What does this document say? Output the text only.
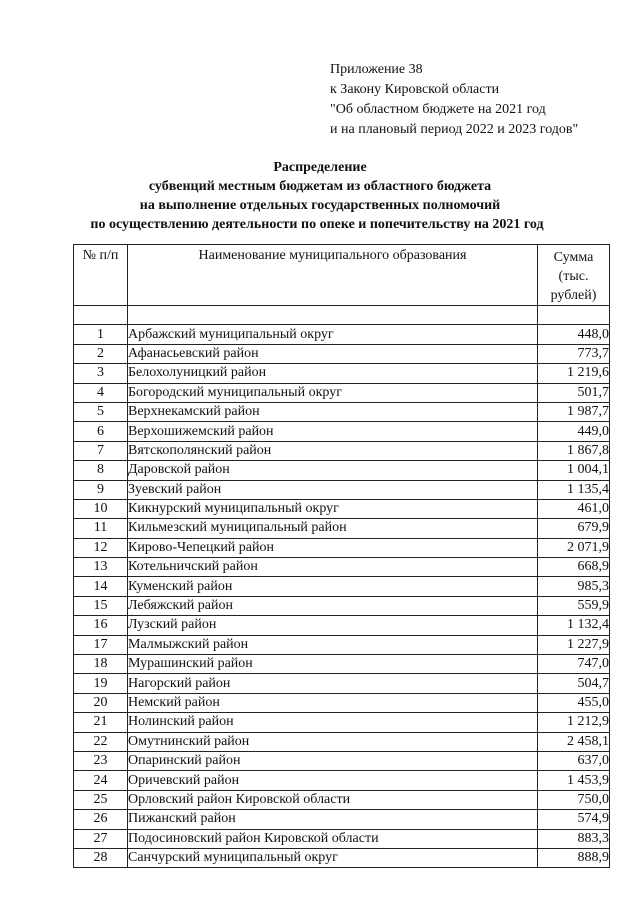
Приложение 38
к Закону Кировской области
"Об областном бюджете на 2021 год
и на плановый период 2022 и 2023 годов"
Распределение
субвенций местным бюджетам из областного бюджета
на выполнение отдельных государственных полномочий
по осуществлению деятельности по опеке и попечительству на 2021 год
№ п/п	Наименование муниципального образования	Сумма
(тыс. рублей)

1	Арбажский муниципальный округ	448,0
2	Афанасьевский район	773,7
3	Белохолуницкий район	1 219,6
4	Богородский муниципальный округ	501,7
5	Верхнекамский район	1 987,7
6	Верхошижемский район	449,0
7	Вятскополянский район	1 867,8
8	Даровской район	1 004,1
9	Зуевский район	1 135,4
10	Кикнурский муниципальный округ	461,0
11	Кильмезский муниципальный район	679,9
12	Кирово-Чепецкий район	2 071,9
13	Котельничский район	668,9
14	Куменский район	985,3
15	Лебяжский район	559,9
16	Лузский район	1 132,4
17	Малмыжский район	1 227,9
18	Мурашинский район	747,0
19	Нагорский район	504,7
20	Немский район	455,0
21	Нолинский район	1 212,9
22	Омутнинский район	2 458,1
23	Опаринский район	637,0
24	Оричевский район	1 453,9
25	Орловский район Кировской области	750,0
26	Пижанский район	574,9
27	Подосиновский район Кировской области	883,3
28	Санчурский муниципальный округ	888,9
